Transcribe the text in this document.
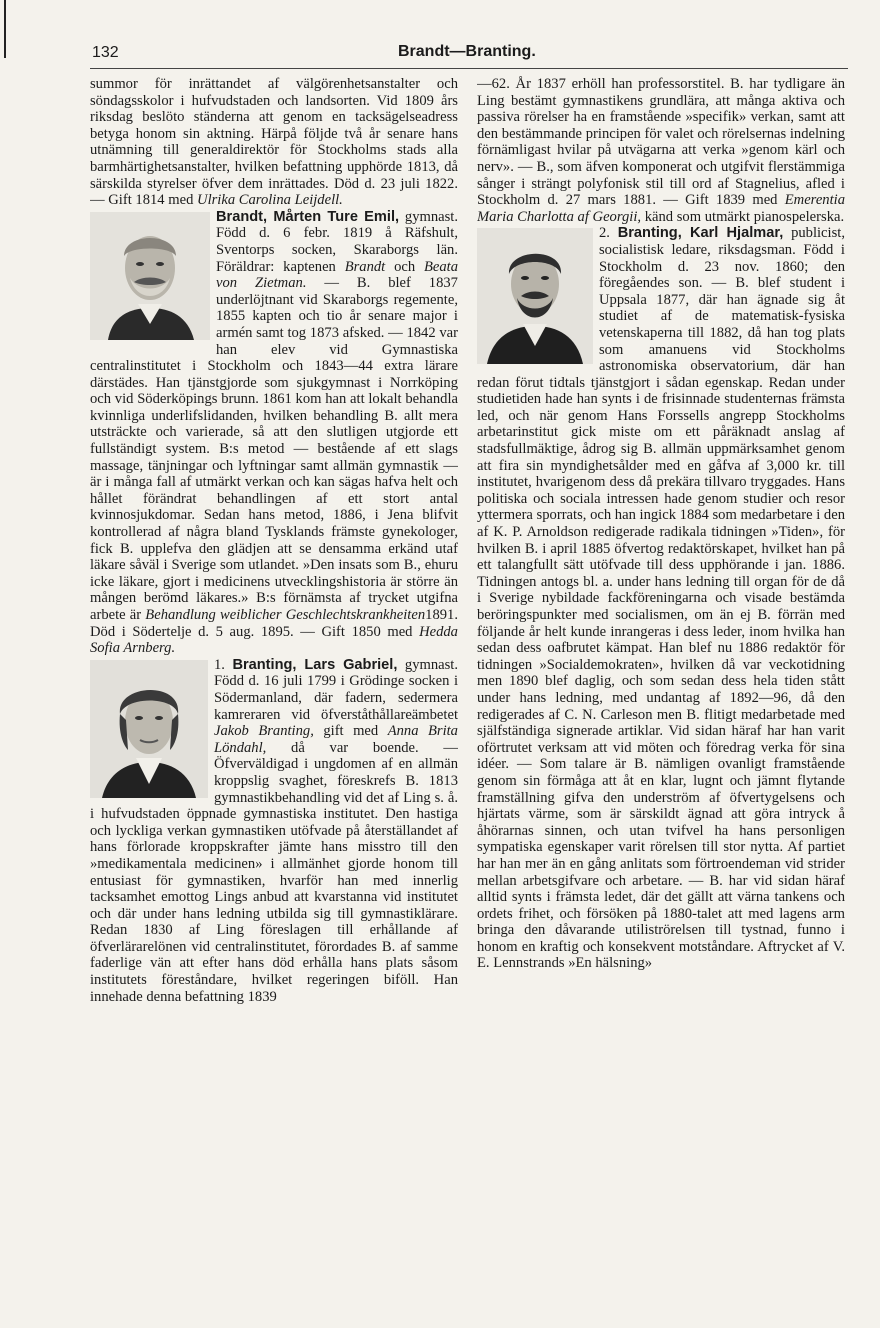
132	Brandt—Branting.

summor för inrättandet af välgörenhetsanstalter och söndagsskolor i hufvudstaden och landsorten. Vid 1809 års riksdag beslöto ständerna att genom en tacksägelseadress betyga honom sin aktning. Härpå följde två år senare hans utnämning till generaldirektör för Stockholms stads alla barmhärtighetsanstalter, hvilken befattning upphörde 1813, då särskilda styrelser öfver dem inrättades. Död d. 23 juli 1822. — Gift 1814 med Ulrika Carolina Leijdell.

Brandt, Mårten Ture Emil, gymnast. Född d. 6 febr. 1819 å Räfshult, Sventorps socken, Skaraborgs län. Föräldrar: kaptenen Brandt och Beata von Zietman. — B. blef 1837 underlöjtnant vid Skaraborgs regemente, 1855 kapten och tio år senare major i armén samt tog 1873 afsked. — 1842 var han elev vid Gymnastiska centralinstitutet i Stockholm och 1843—44 extra lärare därstädes. Han tjänstgjorde som sjukgymnast i Norrköping och vid Söderköpings brunn. 1861 kom han att lokalt behandla kvinnliga underlifslidanden, hvilken behandling B. allt mera utsträckte och varierade, så att den slutligen utgjorde ett fullständigt system. B:s metod — bestående af ett slags massage, tänjningar och lyftningar samt allmän gymnastik — är i många fall af utmärkt verkan och kan sägas hafva helt och hållet förändrat behandlingen af ett stort antal kvinnosjukdomar. Sedan hans metod, 1886, i Jena blifvit kontrollerad af några bland Tysklands främste gynekologer, fick B. upplefva den glädjen att se densamma erkänd utaf läkare såväl i Sverige som utlandet. »Den insats som B., ehuru icke läkare, gjort i medicinens utvecklingshistoria är större än mången berömd läkares.» B:s förnämsta af trycket utgifna arbete är Behandlung weiblicher Geschlechtskrankheiten1891. Död i Södertelje d. 5 aug. 1895. — Gift 1850 med Hedda Sofia Arnberg.

1. Branting, Lars Gabriel, gymnast. Född d. 16 juli 1799 i Grödinge socken i Södermanland, där fadern, sedermera kamreraren vid öfverståthållareämbetet Jakob Branting, gift med Anna Brita Löndahl, då var boende. — Öfverväldigad i ungdomen af en allmän kroppslig svaghet, föreskrefs B. 1813 gymnastikbehandling vid det af Ling s. å. i hufvudstaden öppnade gymnastiska institutet. Den hastiga och lyckliga verkan gymnastiken utöfvade på återställandet af hans förlorade kroppskrafter jämte hans misstro till den »medikamentala medicinen» i allmänhet gjorde honom till entusiast för gymnastiken, hvarför han med innerlig tacksamhet emottog Lings anbud att kvarstanna vid institutet och där under hans ledning utbilda sig till gymnastiklärare. Redan 1830 af Ling föreslagen till erhållande af öfverlärarelönen vid centralinstitutet, förordades B. af samme faderlige vän att efter hans död erhålla hans plats såsom institutets föreståndare, hvilket regeringen biföll. Han innehade denna befattning 1839

—62. År 1837 erhöll han professorstitel. B. har tydligare än Ling bestämt gymnastikens grundlära, att många aktiva och passiva rörelser ha en framstående »specifik» verkan, samt att den bestämmande principen för valet och rörelsernas indelning förnämligast hvilar på utvägarna att verka »genom kärl och nerv». — B., som äfven komponerat och utgifvit flerstämmiga sånger i strängt polyfonisk stil till ord af Stagnelius, afled i Stockholm d. 27 mars 1881. — Gift 1839 med Emerentia Maria Charlotta af Georgii, känd som utmärkt pianospelerska.

2. Branting, Karl Hjalmar, publicist, socialistisk ledare, riksdagsman. Född i Stockholm d. 23 nov. 1860; den föregåendes son. — B. blef student i Uppsala 1877, där han ägnade sig åt studiet af de matematisk-fysiska vetenskaperna till 1882, då han tog plats som amanuens vid Stockholms astronomiska observatorium, där han redan förut tidtals tjänstgjort i sådan egenskap. Redan under studietiden hade han synts i de frisinnade studenternas främsta led, och när genom Hans Forssells angrepp Stockholms arbetarinstitut gick miste om ett påräknadt anslag af stadsfullmäktige, ådrog sig B. allmän uppmärksamhet genom att fira sin myndighetsålder med en gåfva af 3,000 kr. till institutet, hvarigenom dess då prekära tillvaro tryggades. Hans politiska och sociala intressen hade genom studier och resor yttermera sporrats, och han ingick 1884 som medarbetare i den af K. P. Arnoldson redigerade radikala tidningen »Tiden», för hvilken B. i april 1885 öfvertog redaktörskapet, hvilket han på ett talangfullt sätt utöfvade till dess upphörande i jan. 1886. Tidningen antogs bl. a. under hans ledning till organ för de då i Sverige nybildade fackföreningarna och visade bestämda beröringspunkter med socialismen, om än ej B. förrän med följande år helt kunde inrangeras i dess leder, inom hvilka han sedan dess oafbrutet kämpat. Han blef nu 1886 redaktör för tidningen »Socialdemokraten», hvilken då var veckotidning men 1890 blef daglig, och som sedan dess hela tiden stått under hans ledning, med undantag af 1892—96, då den redigerades af C. N. Carleson men B. flitigt medarbetade med själfständiga signerade artiklar. Vid sidan häraf har han varit oförtrutet verksam att vid möten och föredrag verka för sina idéer. — Som talare är B. nämligen ovanligt framstående genom sin förmåga att åt en klar, lugnt och jämnt flytande framställning gifva den underström af öfvertygelsens och hjärtats värme, som är särskildt ägnad att göra intryck å åhörarnas sinnen, och utan tvifvel ha hans personligen sympatiska egenskaper varit rörelsen till stor nytta. Af partiet har han mer än en gång anlitats som förtroendeman vid strider mellan arbetsgifvare och arbetare. — B. har vid sidan häraf alltid synts i främsta ledet, där det gällt att värna tankens och ordets frihet, och försöken på 1880-talet att med lagens arm bringa den dåvarande utiliströrelsen till tystnad, funno i honom en kraftig och konsekvent motståndare. Aftrycket af V. E. Lennstrands »En hälsning»
